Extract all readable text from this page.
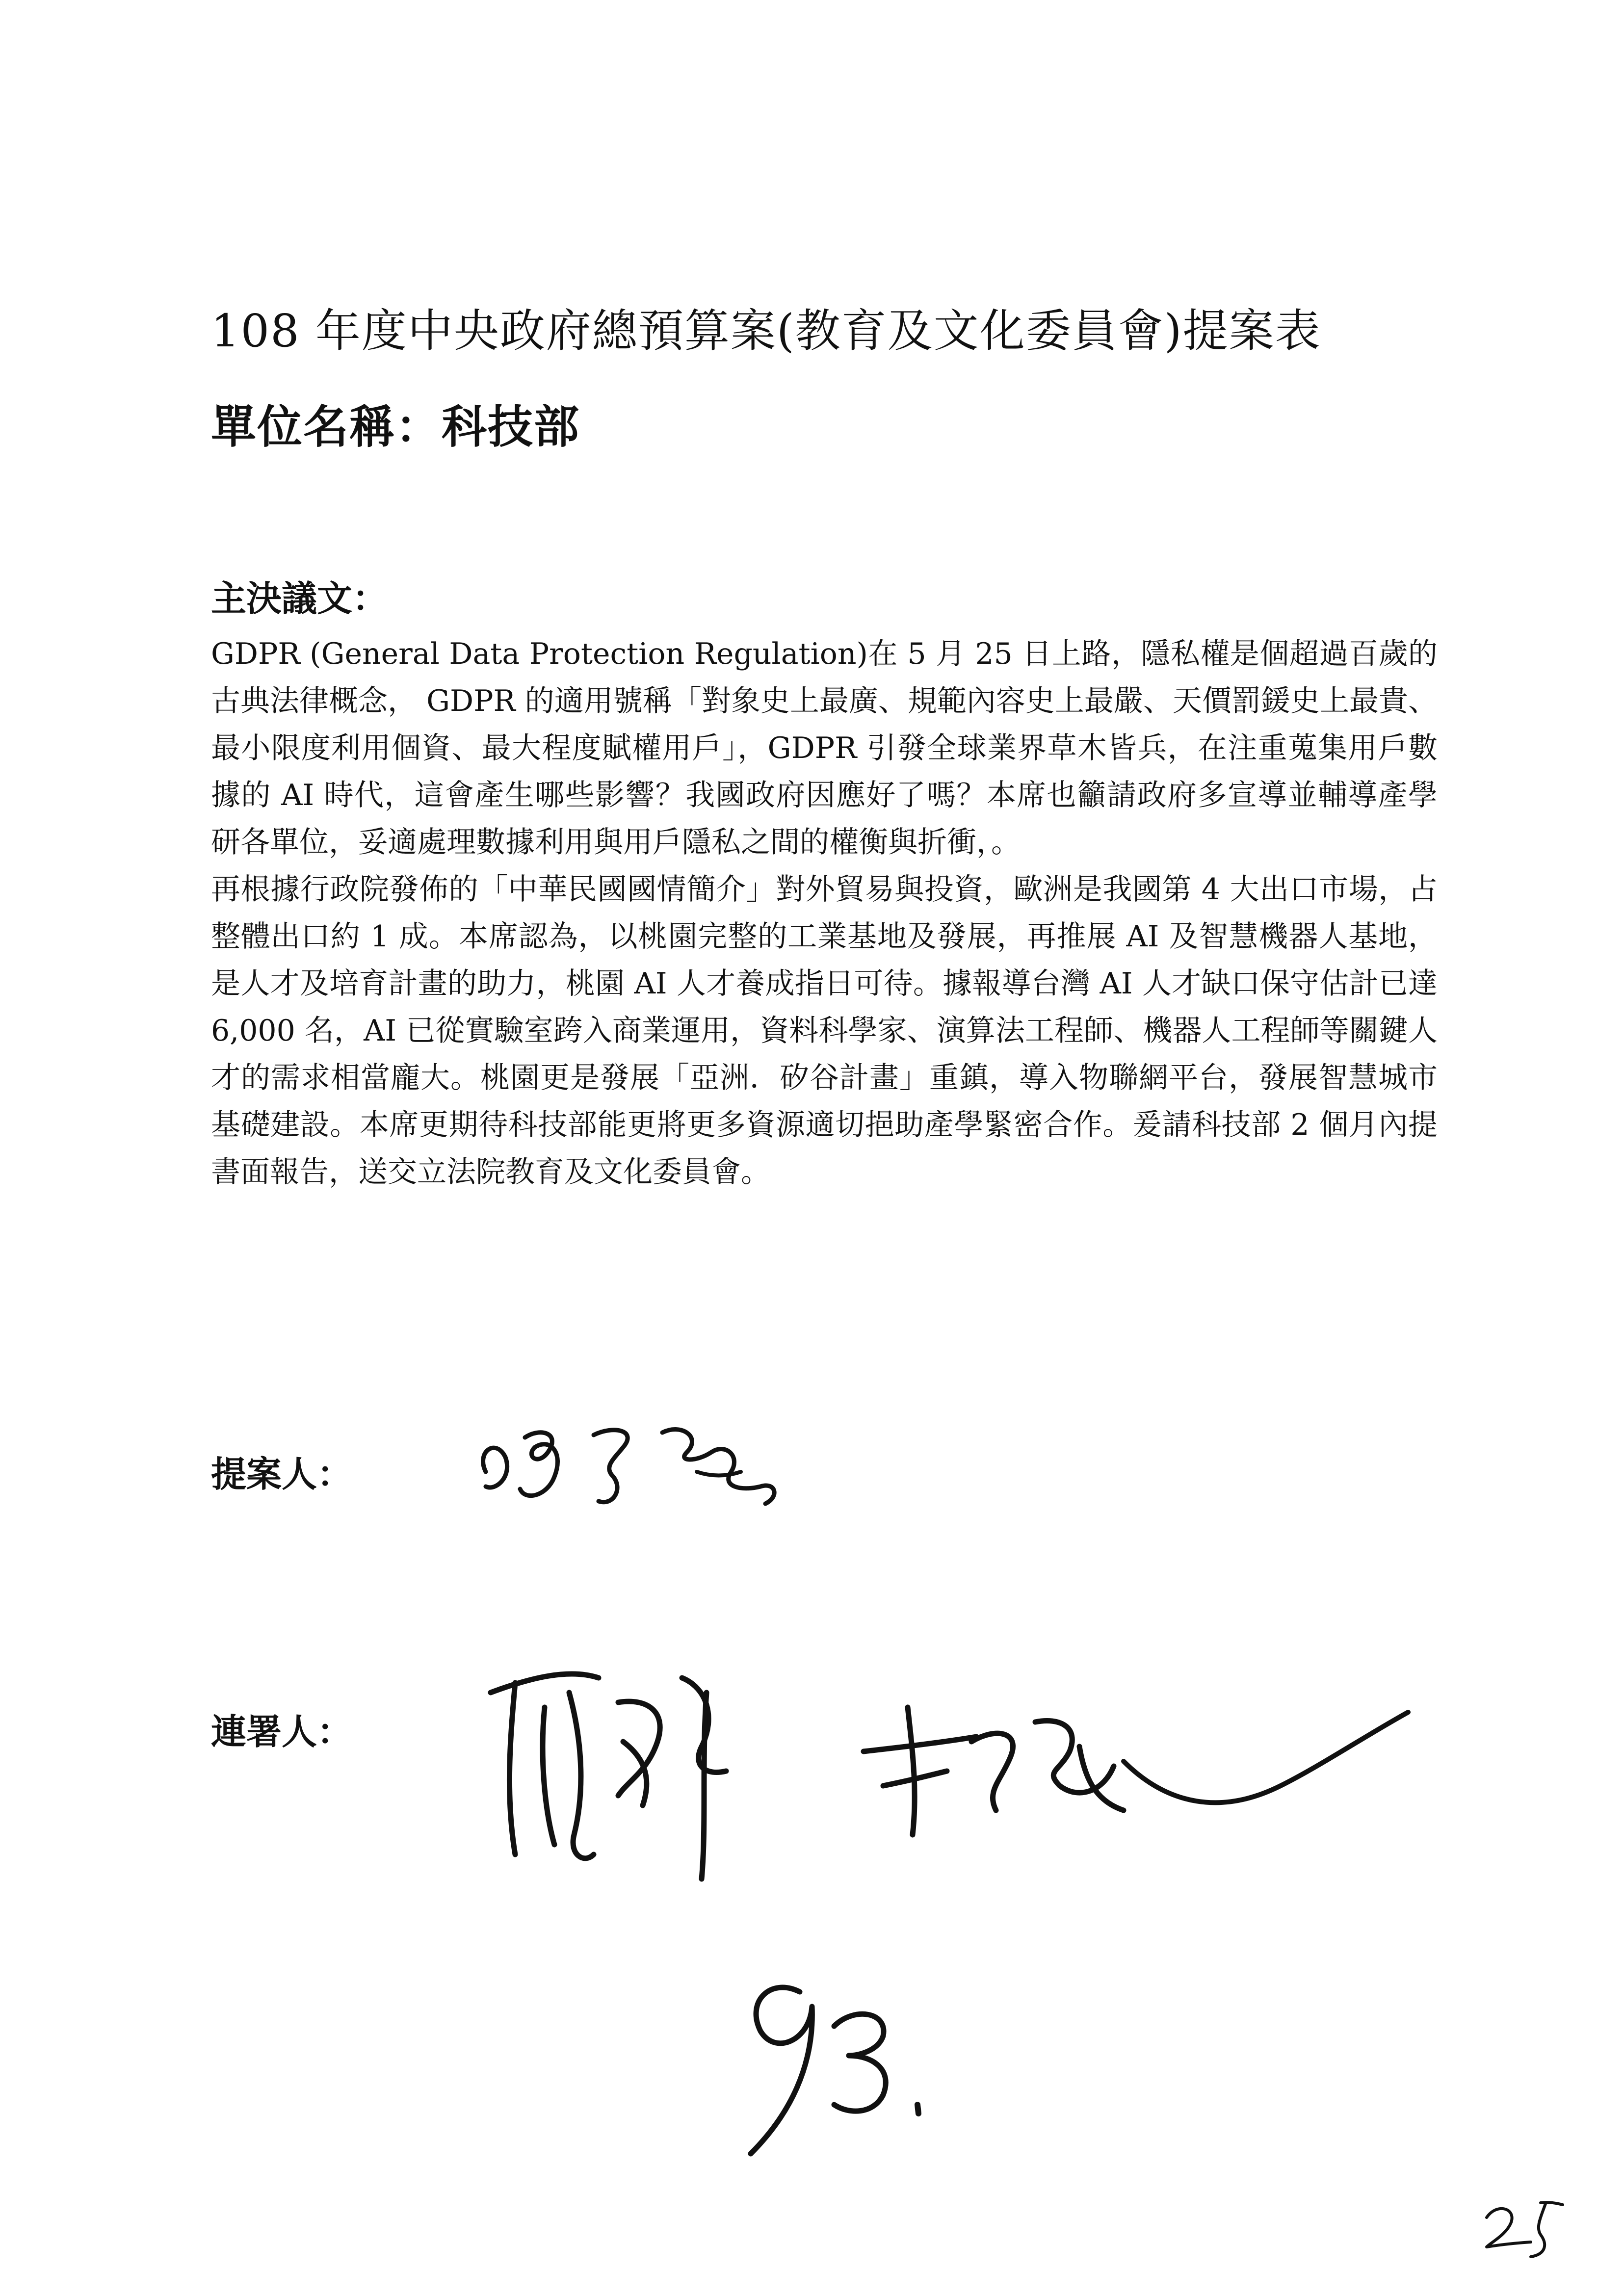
108 年度中央政府總預算案(教育及文化委員會)提案表
單位名稱：科技部
主決議文：

GDPR (General Data Protection Regulation)在 5 月 25 日上路，隱私權是個超過百歲的古典法律概念， GDPR 的適用號稱「對象史上最廣、規範內容史上最嚴、天價罰鍰史上最貴、最小限度利用個資、最大程度賦權用戶」，GDPR 引發全球業界草木皆兵，在注重蒐集用戶數據的 AI 時代，這會產生哪些影響？我國政府因應好了嗎？本席也籲請政府多宣導並輔導產學研各單位，妥適處理數據利用與用戶隱私之間的權衡與折衝，。

再根據行政院發佈的「中華民國國情簡介」對外貿易與投資，歐洲是我國第 4 大出口市場，占整體出口約 1 成。本席認為，以桃園完整的工業基地及發展，再推展 AI 及智慧機器人基地，是人才及培育計畫的助力，桃園 AI 人才養成指日可待。據報導台灣 AI 人才缺口保守估計已達 6,000 名，AI 已從實驗室跨入商業運用，資料科學家、演算法工程師、機器人工程師等關鍵人才的需求相當龐大。桃園更是發展「亞洲．矽谷計畫」重鎮，導入物聯網平台，發展智慧城市基礎建設。本席更期待科技部能更將更多資源適切挹助產學緊密合作。爰請科技部 2 個月內提書面報告，送交立法院教育及文化委員會。

提案人：
連署人：
